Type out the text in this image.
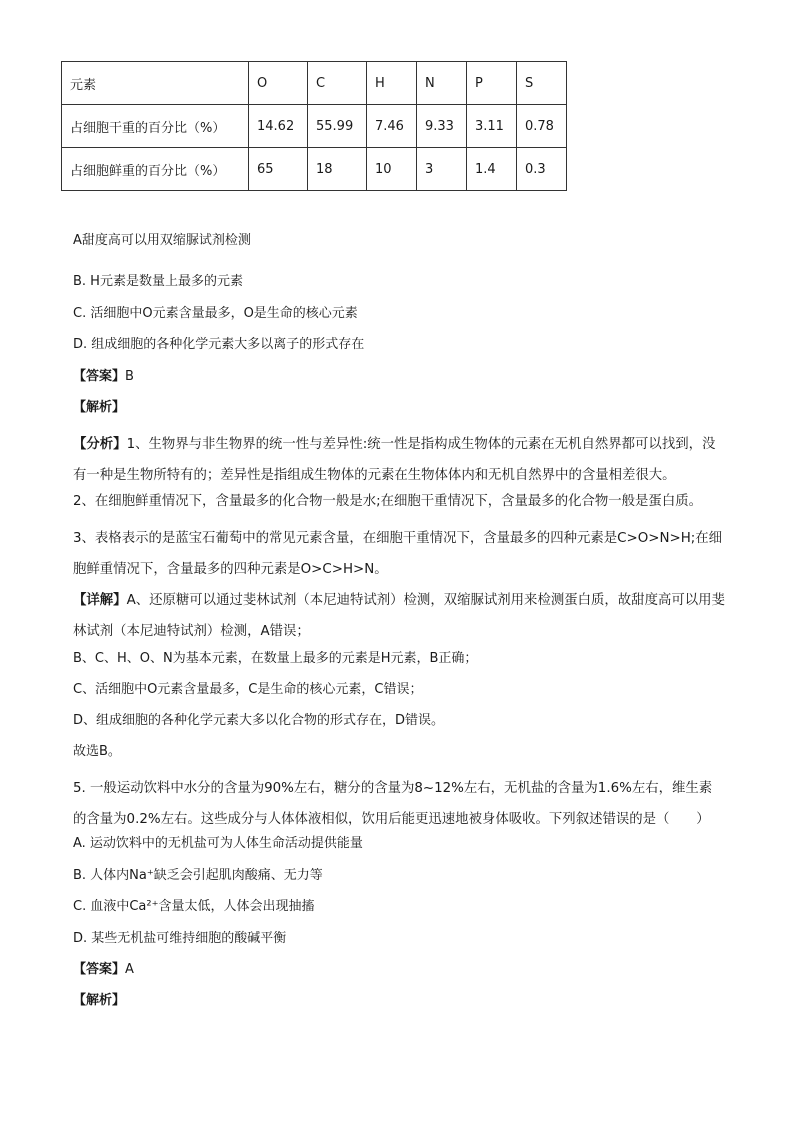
元素	O	C	H	N	P	S
占细胞干重的百分比（%）	14.62	55.99	7.46	9.33	3.11	0.78
占细胞鲜重的百分比（%）	65	18	10	3	1.4	0.3
A甜度高可以用双缩脲试剂检测
B. H元素是数量上最多的元素
C. 活细胞中O元素含量最多，O是生命的核心元素
D. 组成细胞的各种化学元素大多以离子的形式存在
【答案】B
【解析】
【分析】1、生物界与非生物界的统一性与差异性:统一性是指构成生物体的元素在无机自然界都可以找到，没有一种是生物所特有的；差异性是指组成生物体的元素在生物体体内和无机自然界中的含量相差很大。
2、在细胞鲜重情况下，含量最多的化合物一般是水;在细胞干重情况下，含量最多的化合物一般是蛋白质。
3、表格表示的是蓝宝石葡萄中的常见元素含量，在细胞干重情况下，含量最多的四种元素是C>O>N>H;在细胞鲜重情况下，含量最多的四种元素是O>C>H>N。
【详解】A、还原糖可以通过斐林试剂（本尼迪特试剂）检测，双缩脲试剂用来检测蛋白质，故甜度高可以用斐林试剂（本尼迪特试剂）检测，A错误；
B、C、H、O、N为基本元素，在数量上最多的元素是H元素，B正确；
C、活细胞中O元素含量最多，C是生命的核心元素，C错误；
D、组成细胞的各种化学元素大多以化合物的形式存在，D错误。
故选B。
5. 一般运动饮料中水分的含量为90%左右，糖分的含量为8~12%左右，无机盐的含量为1.6%左右，维生素的含量为0.2%左右。这些成分与人体体液相似，饮用后能更迅速地被身体吸收。下列叙述错误的是（　　）
A. 运动饮料中的无机盐可为人体生命活动提供能量
B. 人体内Na⁺缺乏会引起肌肉酸痛、无力等
C. 血液中Ca²⁺含量太低，人体会出现抽搐
D. 某些无机盐可维持细胞的酸碱平衡
【答案】A
【解析】
